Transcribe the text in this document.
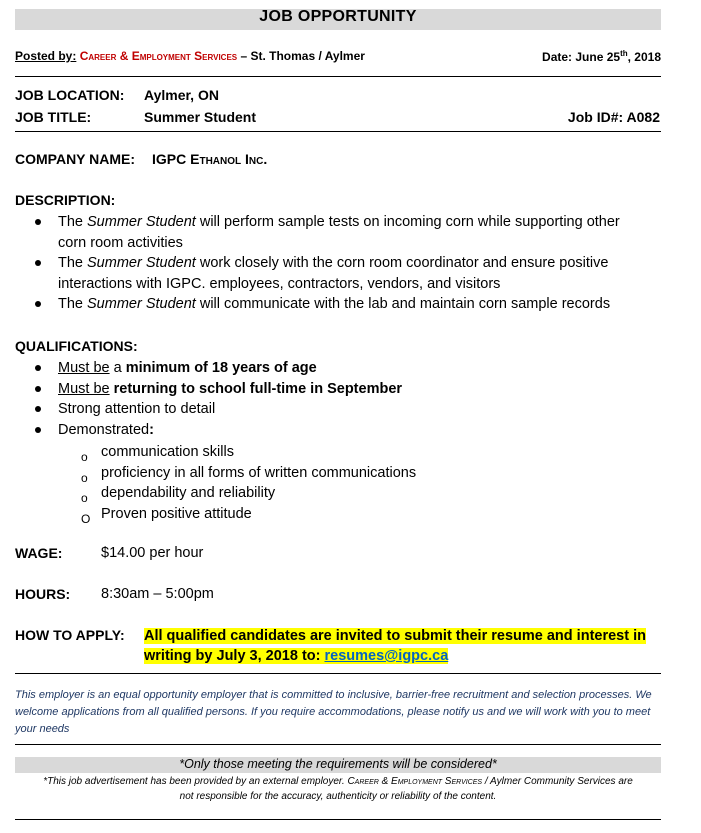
JOB OPPORTUNITY
Posted by: Career & Employment Services – St. Thomas / Aylmer	Date: June 25th, 2018
JOB LOCATION: Aylmer, ON
JOB TITLE:	Summer Student	Job ID#: A082
COMPANY NAME: IGPC Ethanol Inc.
DESCRIPTION:
The Summer Student will perform sample tests on incoming corn while supporting other
corn room activities
The Summer Student work closely with the corn room coordinator and ensure positive
interactions with IGPC. employees, contractors, vendors, and visitors
The Summer Student will communicate with the lab and maintain corn sample records
QUALIFICATIONS:
Must be a minimum of 18 years of age
Must be returning to school full-time in September
Strong attention to detail
Demonstrated:
o communication skills
o proficiency in all forms of written communications
o dependability and reliability
O Proven positive attitude
WAGE:	$14.00 per hour
HOURS: 8:30am – 5:00pm
HOW TO APPLY: All qualified candidates are invited to submit their resume and interest in
writing by July 3, 2018 to: resumes@igpc.ca
This employer is an equal opportunity employer that is committed to inclusive, barrier-free recruitment and selection processes. We welcome applications from all qualified persons. If you require accommodations, please notify us and we will work with you to meet your needs
*Only those meeting the requirements will be considered*
*This job advertisement has been provided by an external employer. Career & Employment Services / Aylmer Community Services are
not responsible for the accuracy, authenticity or reliability of the content.
